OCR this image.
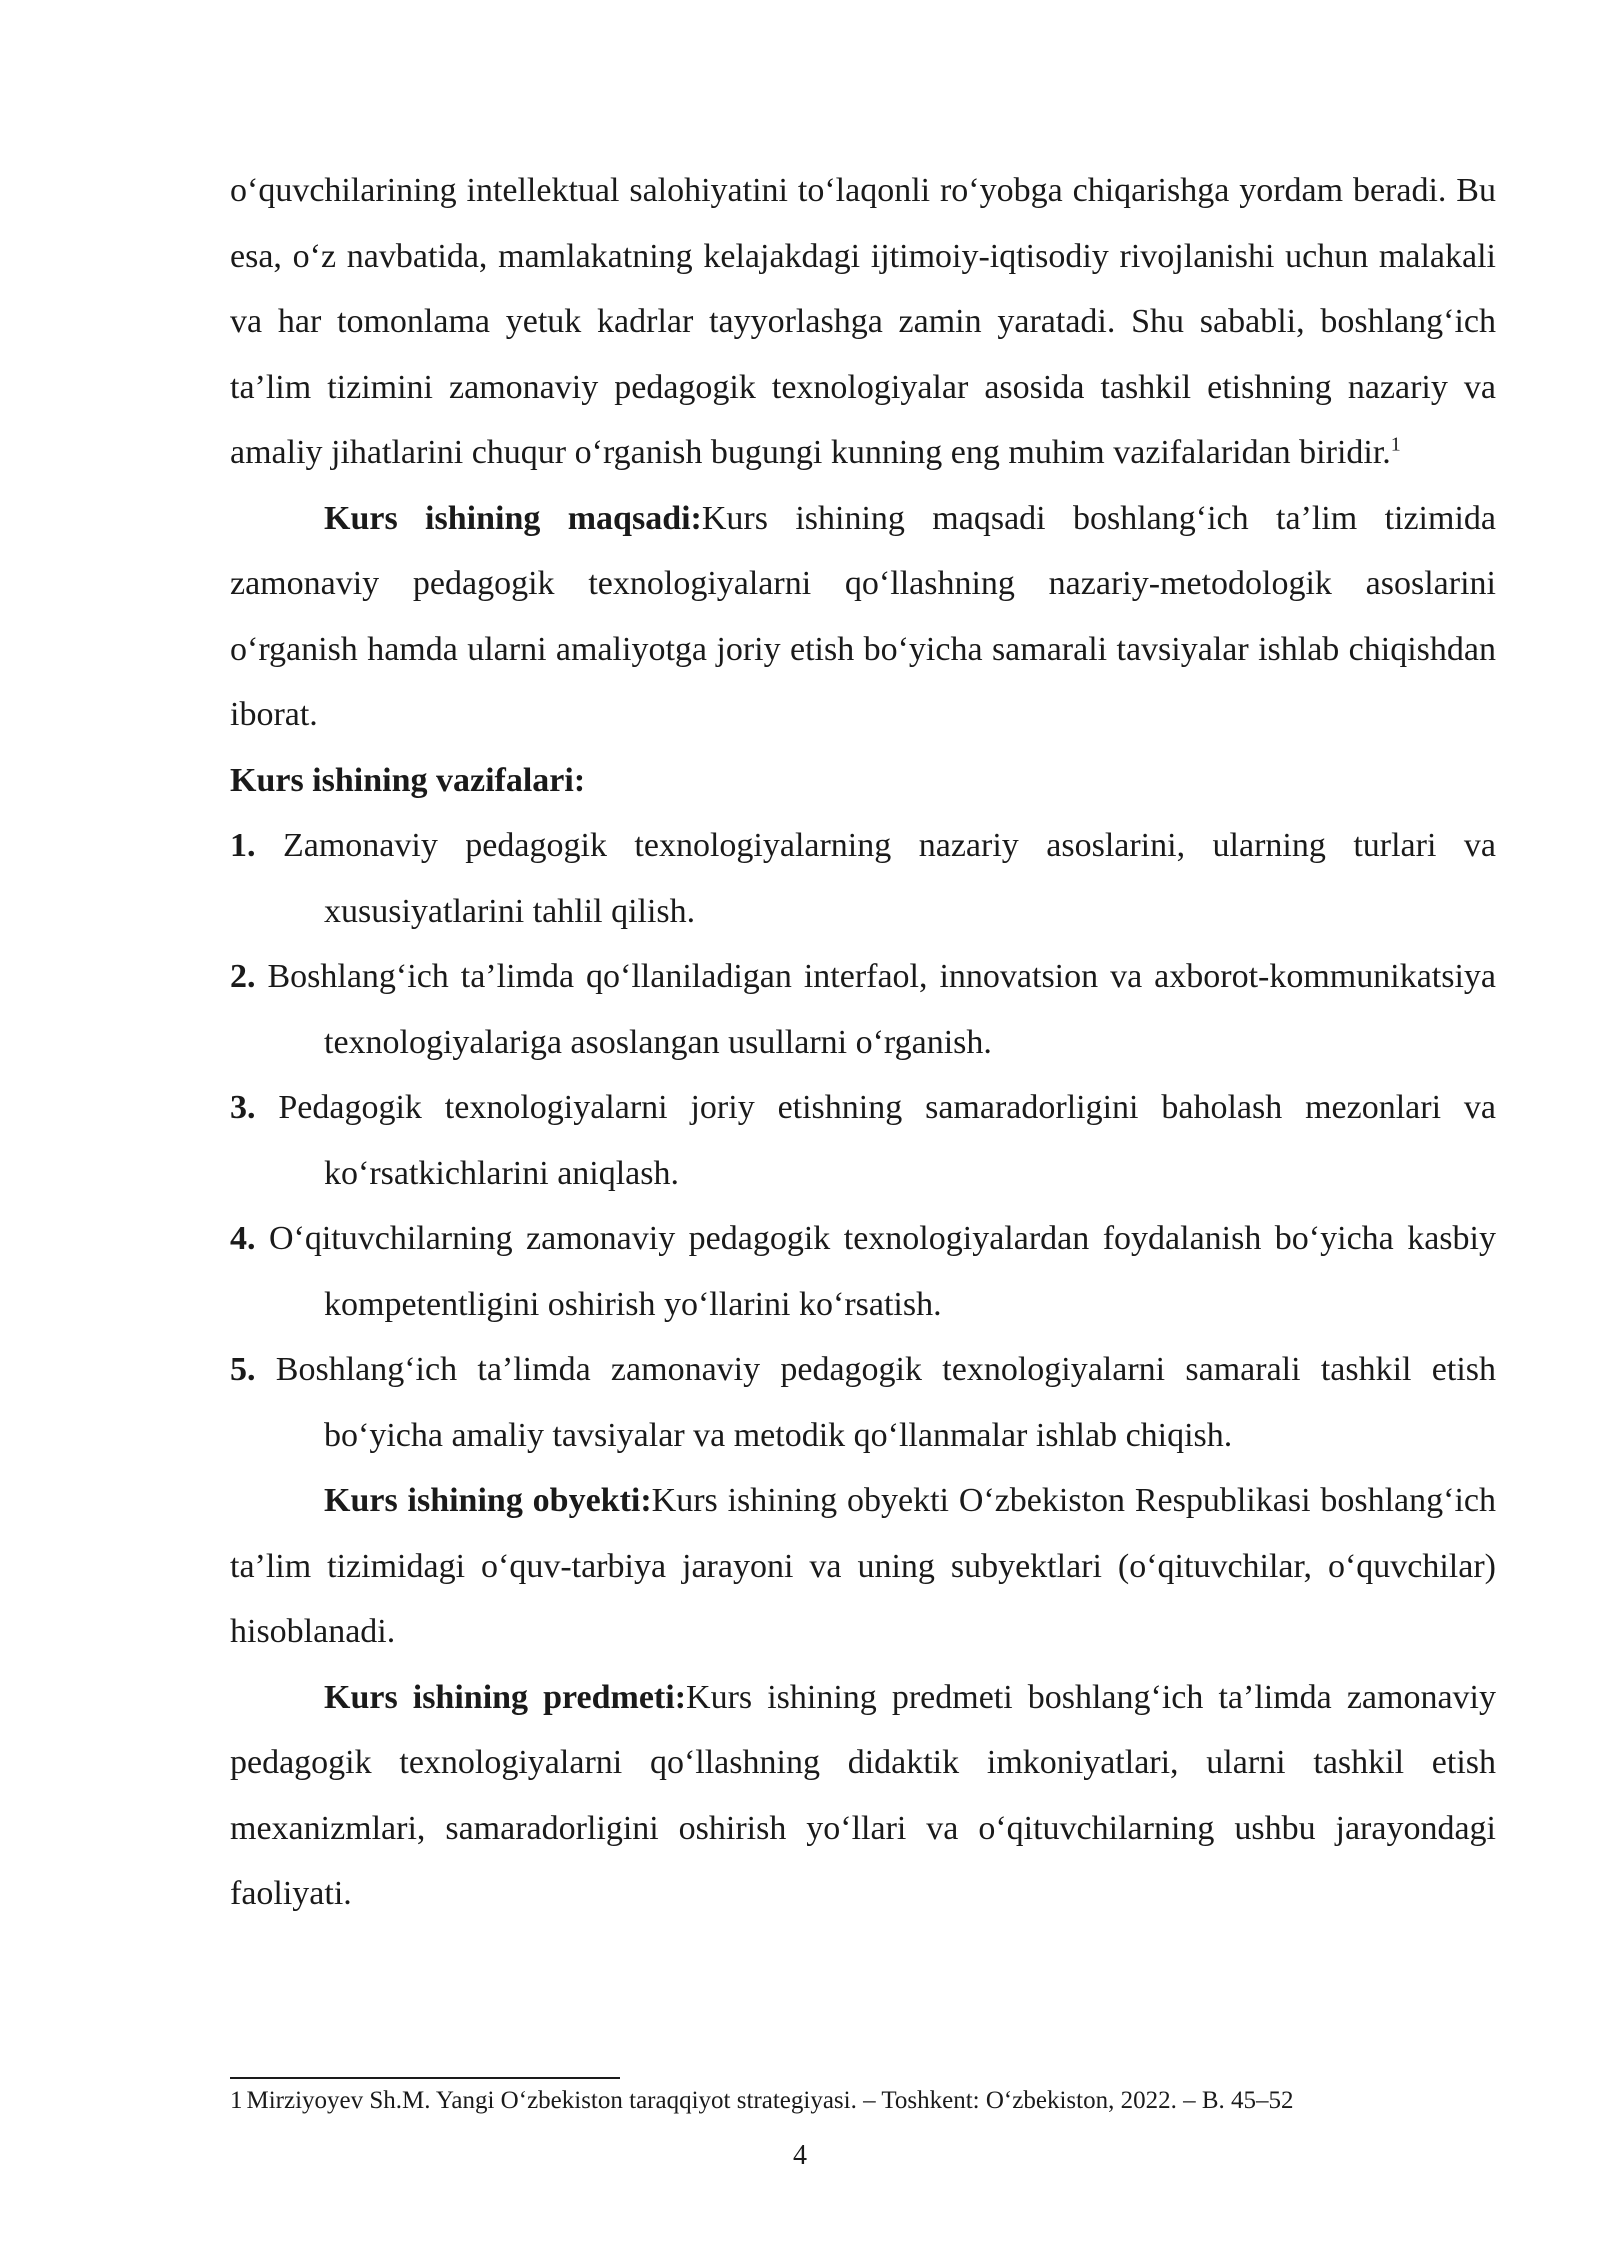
o‘quvchilarining intellektual salohiyatini to‘laqonli ro‘yobga chiqarishga yordam beradi. Bu esa, o‘z navbatida, mamlakatning kelajakdagi ijtimoiy-iqtisodiy rivojlanishi uchun malakali va har tomonlama yetuk kadrlar tayyorlashga zamin yaratadi. Shu sababli, boshlang‘ich ta’lim tizimini zamonaviy pedagogik texnologiyalar asosida tashkil etishning nazariy va amaliy jihatlarini chuqur o‘rganish bugungi kunning eng muhim vazifalaridan biridir.$^1$

Kurs ishining maqsadi:Kurs ishining maqsadi boshlang‘ich ta’lim tizimida zamonaviy pedagogik texnologiyalarni qo‘llashning nazariy-metodologik asoslarini o‘rganish hamda ularni amaliyotga joriy etish bo‘yicha samarali tavsiyalar ishlab chiqishdan iborat.

Kurs ishining vazifalari:

1. Zamonaviy pedagogik texnologiyalarning nazariy asoslarini, ularning turlari va xususiyatlarini tahlil qilish.

2. Boshlang‘ich ta’limda qo‘llaniladigan interfaol, innovatsion va axborot-kommunikatsiya texnologiyalariga asoslangan usullarni o‘rganish.

3. Pedagogik texnologiyalarni joriy etishning samaradorligini baholash mezonlari va ko‘rsatkichlarini aniqlash.

4. O‘qituvchilarning zamonaviy pedagogik texnologiyalardan foydalanish bo‘yicha kasbiy kompetentligini oshirish yo‘llarini ko‘rsatish.

5. Boshlang‘ich ta’limda zamonaviy pedagogik texnologiyalarni samarali tashkil etish bo‘yicha amaliy tavsiyalar va metodik qo‘llanmalar ishlab chiqish.

Kurs ishining obyekti:Kurs ishining obyekti O‘zbekiston Respublikasi boshlang‘ich ta’lim tizimidagi o‘quv-tarbiya jarayoni va uning subyektlari (o‘qituvchilar, o‘quvchilar) hisoblanadi.

Kurs ishining predmeti:Kurs ishining predmeti boshlang‘ich ta’limda zamonaviy pedagogik texnologiyalarni qo‘llashning didaktik imkoniyatlari, ularni tashkil etish mexanizmlari, samaradorligini oshirish yo‘llari va o‘qituvchilarning ushbu jarayondagi faoliyati.

1 Mirziyoyev Sh.M. Yangi O‘zbekiston taraqqiyot strategiyasi. – Toshkent: O‘zbekiston, 2022. – B. 45–52
4
